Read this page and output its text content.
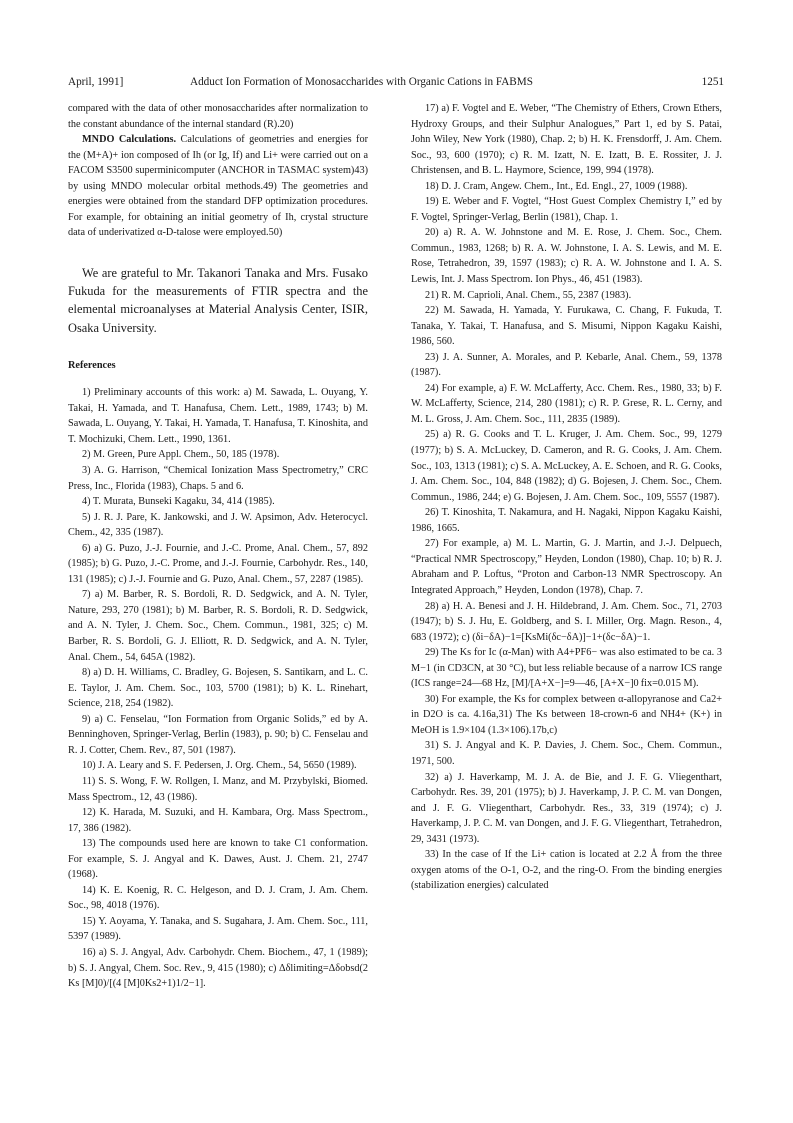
April, 1991]	Adduct Ion Formation of Monosaccharides with Organic Cations in FABMS	1251

compared with the data of other monosaccharides after normalization to the constant abundance of the internal standard (R).20)

MNDO Calculations. Calculations of geometries and energies for the (M+A)+ ion composed of Ih (or Ig, If) and Li+ were carried out on a FACOM S3500 superminicomputer (ANCHOR in TASMAC system)43) by using MNDO molecular orbital methods.49) The geometries and energies were obtained from the standard DFP optimization procedures. For example, for obtaining an initial geometry of Ih, crystal structure data of underivatized α-D-talose were employed.50)

We are grateful to Mr. Takanori Tanaka and Mrs. Fusako Fukuda for the measurements of FTIR spectra and the elemental microanalyses at Material Analysis Center, ISIR, Osaka University.

References

1) Preliminary accounts of this work: a) M. Sawada, L. Ouyang, Y. Takai, H. Yamada, and T. Hanafusa, Chem. Lett., 1989, 1743; b) M. Sawada, L. Ouyang, Y. Takai, H. Yamada, T. Hanafusa, T. Kinoshita, and T. Mochizuki, Chem. Lett., 1990, 1361.

2) M. Green, Pure Appl. Chem., 50, 185 (1978).

3) A. G. Harrison, “Chemical Ionization Mass Spectrometry,” CRC Press, Inc., Florida (1983), Chaps. 5 and 6.

4) T. Murata, Bunseki Kagaku, 34, 414 (1985).

5) J. R. J. Pare, K. Jankowski, and J. W. Apsimon, Adv. Heterocycl. Chem., 42, 335 (1987).

6) a) G. Puzo, J.-J. Fournie, and J.-C. Prome, Anal. Chem., 57, 892 (1985); b) G. Puzo, J.-C. Prome, and J.-J. Fournie, Carbohydr. Res., 140, 131 (1985); c) J.-J. Fournie and G. Puzo, Anal. Chem., 57, 2287 (1985).

7) a) M. Barber, R. S. Bordoli, R. D. Sedgwick, and A. N. Tyler, Nature, 293, 270 (1981); b) M. Barber, R. S. Bordoli, R. D. Sedgwick, and A. N. Tyler, J. Chem. Soc., Chem. Commun., 1981, 325; c) M. Barber, R. S. Bordoli, G. J. Elliott, R. D. Sedgwick, and A. N. Tyler, Anal. Chem., 54, 645A (1982).

8) a) D. H. Williams, C. Bradley, G. Bojesen, S. Santikarn, and L. C. E. Taylor, J. Am. Chem. Soc., 103, 5700 (1981); b) K. L. Rinehart, Science, 218, 254 (1982).

9) a) C. Fenselau, “Ion Formation from Organic Solids,” ed by A. Benninghoven, Springer-Verlag, Berlin (1983), p. 90; b) C. Fenselau and R. J. Cotter, Chem. Rev., 87, 501 (1987).

10) J. A. Leary and S. F. Pedersen, J. Org. Chem., 54, 5650 (1989).

11) S. S. Wong, F. W. Rollgen, I. Manz, and M. Przybylski, Biomed. Mass Spectrom., 12, 43 (1986).

12) K. Harada, M. Suzuki, and H. Kambara, Org. Mass Spectrom., 17, 386 (1982).

13) The compounds used here are known to take C1 conformation. For example, S. J. Angyal and K. Dawes, Aust. J. Chem. 21, 2747 (1968).

14) K. E. Koenig, R. C. Helgeson, and D. J. Cram, J. Am. Chem. Soc., 98, 4018 (1976).

15) Y. Aoyama, Y. Tanaka, and S. Sugahara, J. Am. Chem. Soc., 111, 5397 (1989).

16) a) S. J. Angyal, Adv. Carbohydr. Chem. Biochem., 47, 1 (1989); b) S. J. Angyal, Chem. Soc. Rev., 9, 415 (1980); c) Δδlimiting=Δδobsd(2 Ks [M]0)/[(4 [M]0Ks2+1)1/2−1].

17) a) F. Vogtel and E. Weber, “The Chemistry of Ethers, Crown Ethers, Hydroxy Groups, and their Sulphur Analogues,” Part 1, ed by S. Patai, John Wiley, New York (1980), Chap. 2; b) H. K. Frensdorff, J. Am. Chem. Soc., 93, 600 (1970); c) R. M. Izatt, N. E. Izatt, B. E. Rossiter, J. J. Christensen, and B. L. Haymore, Science, 199, 994 (1978).

18) D. J. Cram, Angew. Chem., Int., Ed. Engl., 27, 1009 (1988).

19) E. Weber and F. Vogtel, “Host Guest Complex Chemistry I,” ed by F. Vogtel, Springer-Verlag, Berlin (1981), Chap. 1.

20) a) R. A. W. Johnstone and M. E. Rose, J. Chem. Soc., Chem. Commun., 1983, 1268; b) R. A. W. Johnstone, I. A. S. Lewis, and M. E. Rose, Tetrahedron, 39, 1597 (1983); c) R. A. W. Johnstone and I. A. S. Lewis, Int. J. Mass Spectrom. Ion Phys., 46, 451 (1983).

21) R. M. Caprioli, Anal. Chem., 55, 2387 (1983).

22) M. Sawada, H. Yamada, Y. Furukawa, C. Chang, F. Fukuda, T. Tanaka, Y. Takai, T. Hanafusa, and S. Misumi, Nippon Kagaku Kaishi, 1986, 560.

23) J. A. Sunner, A. Morales, and P. Kebarle, Anal. Chem., 59, 1378 (1987).

24) For example, a) F. W. McLafferty, Acc. Chem. Res., 1980, 33; b) F. W. McLafferty, Science, 214, 280 (1981); c) R. P. Grese, R. L. Cerny, and M. L. Gross, J. Am. Chem. Soc., 111, 2835 (1989).

25) a) R. G. Cooks and T. L. Kruger, J. Am. Chem. Soc., 99, 1279 (1977); b) S. A. McLuckey, D. Cameron, and R. G. Cooks, J. Am. Chem. Soc., 103, 1313 (1981); c) S. A. McLuckey, A. E. Schoen, and R. G. Cooks, J. Am. Chem. Soc., 104, 848 (1982); d) G. Bojesen, J. Chem. Soc., Chem. Commun., 1986, 244; e) G. Bojesen, J. Am. Chem. Soc., 109, 5557 (1987).

26) T. Kinoshita, T. Nakamura, and H. Nagaki, Nippon Kagaku Kaishi, 1986, 1665.

27) For example, a) M. L. Martin, G. J. Martin, and J.-J. Delpuech, “Practical NMR Spectroscopy,” Heyden, London (1980), Chap. 10; b) R. J. Abraham and P. Loftus, “Proton and Carbon-13 NMR Spectroscopy. An Integrated Approach,” Heyden, London (1978), Chap. 7.

28) a) H. A. Benesi and J. H. Hildebrand, J. Am. Chem. Soc., 71, 2703 (1947); b) S. J. Hu, E. Goldberg, and S. I. Miller, Org. Magn. Reson., 4, 683 (1972); c) (δi−δA)−1=[KsMi(δc−δA)]−1+(δc−δA)−1.

29) The Ks for Ic (α-Man) with A4+PF6− was also estimated to be ca. 3 M−1 (in CD3CN, at 30 °C), but less reliable because of a narrow ICS range (ICS range=24—68 Hz, [M]/[A+X−]=9—46, [A+X−]0 fix=0.015 M).

30) For example, the Ks for complex between α-allopyranose and Ca2+ in D2O is ca. 4.16a,31) The Ks between 18-crown-6 and NH4+ (K+) in MeOH is 1.9×104 (1.3×106).17b,c)

31) S. J. Angyal and K. P. Davies, J. Chem. Soc., Chem. Commun., 1971, 500.

32) a) J. Haverkamp, M. J. A. de Bie, and J. F. G. Vliegenthart, Carbohydr. Res. 39, 201 (1975); b) J. Haverkamp, J. P. C. M. van Dongen, and J. F. G. Vliegenthart, Carbohydr. Res., 33, 319 (1974); c) J. Haverkamp, J. P. C. M. van Dongen, and J. F. G. Vliegenthart, Tetrahedron, 29, 3431 (1973).

33) In the case of If the Li+ cation is located at 2.2 Å from the three oxygen atoms of the O-1, O-2, and the ring-O. From the binding energies (stabilization energies) calculated
